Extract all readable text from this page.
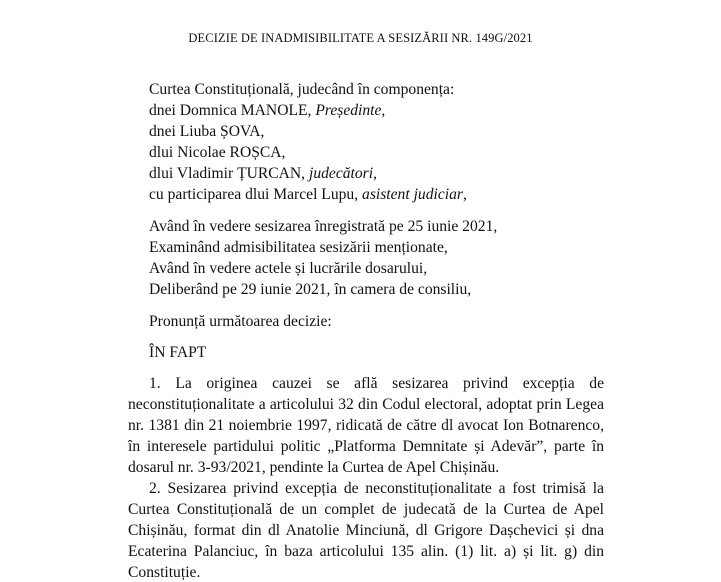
DECIZIE DE INADMISIBILITATE A SESIZĂRII NR. 149G/2021
Curtea Constituțională, judecând în componența:
dnei Domnica MANOLE, Președinte,
dnei Liuba ȘOVA,
dlui Nicolae ROȘCA,
dlui Vladimir ȚURCAN, judecători,
cu participarea dlui Marcel Lupu, asistent judiciar,
Având în vedere sesizarea înregistrată pe 25 iunie 2021,
Examinând admisibilitatea sesizării menționate,
Având în vedere actele și lucrările dosarului,
Deliberând pe 29 iunie 2021, în camera de consiliu,
Pronunță următoarea decizie:
ÎN FAPT
1. La originea cauzei se află sesizarea privind excepția de
neconstituționalitate a articolului 32 din Codul electoral, adoptat prin Legea
nr. 1381 din 21 noiembrie 1997, ridicată de către dl avocat Ion Botnarenco,
în interesele partidului politic „Platforma Demnitate și Adevăr”, parte în
dosarul nr. 3-93/2021, pendinte la Curtea de Apel Chișinău.
2. Sesizarea privind excepția de neconstituționalitate a fost trimisă la
Curtea Constituțională de un complet de judecată de la Curtea de Apel
Chișinău, format din dl Anatolie Minciună, dl Grigore Dașchevici și dna
Ecaterina Palanciuc, în baza articolului 135 alin. (1) lit. a) și lit. g) din
Constituție.
